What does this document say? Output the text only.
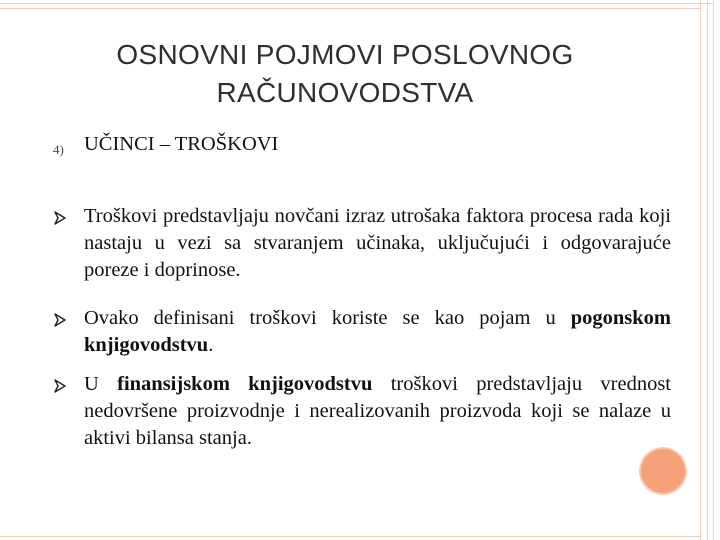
OSNOVNI POJMOVI POSLOVNOG
RAČUNOVODSTVA
4) UČINCI – TROŠKOVI
Troškovi predstavljaju novčani izraz utrošaka faktora procesa rada koji nastaju u vezi sa stvaranjem učinaka, uključujući i odgovarajuće poreze i doprinose.
Ovako definisani troškovi koriste se kao pojam u pogonskom knjigovodstvu.
U finansijskom knjigovodstvu troškovi predstavljaju vrednost nedovršene proizvodnje i nerealizovanih proizvoda koji se nalaze u aktivi bilansa stanja.
